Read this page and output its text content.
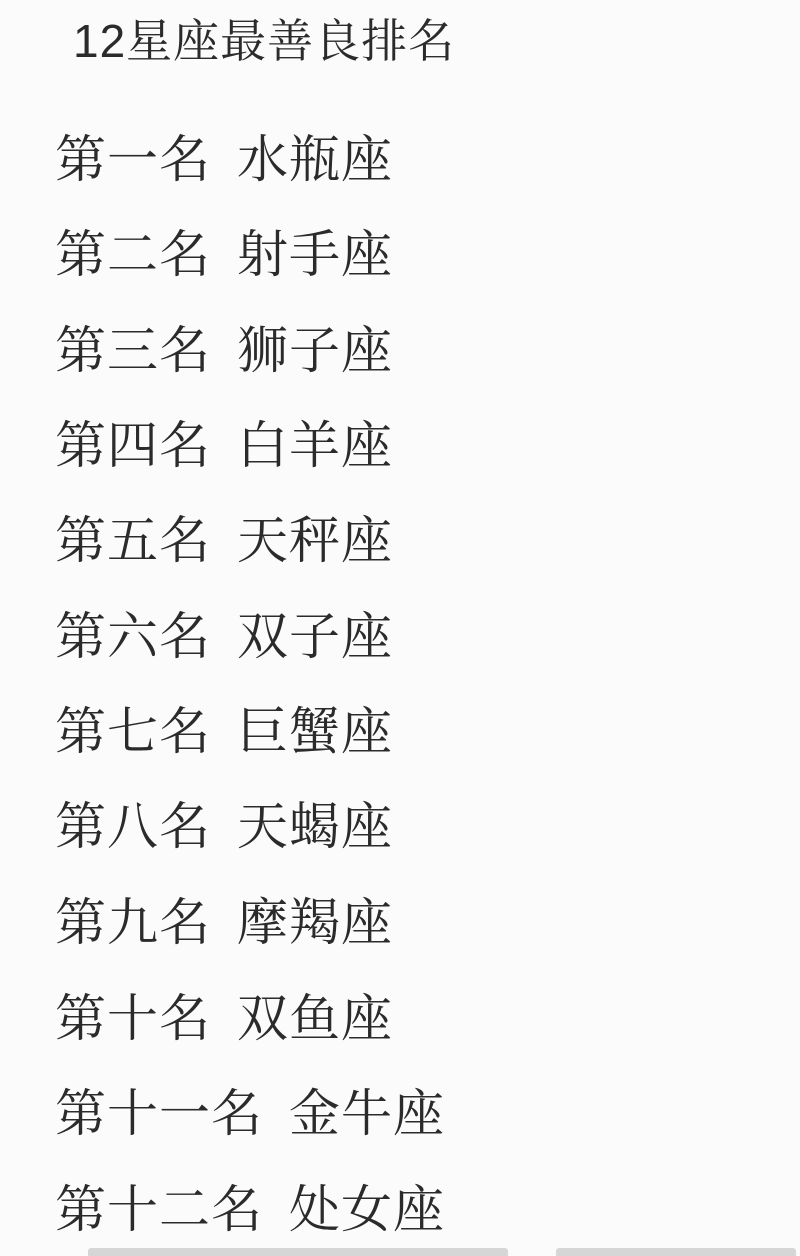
12星座最善良排名
第一名 水瓶座
第二名 射手座
第三名 狮子座
第四名 白羊座
第五名 天秤座
第六名 双子座
第七名 巨蟹座
第八名 天蝎座
第九名 摩羯座
第十名 双鱼座
第十一名 金牛座
第十二名 处女座
